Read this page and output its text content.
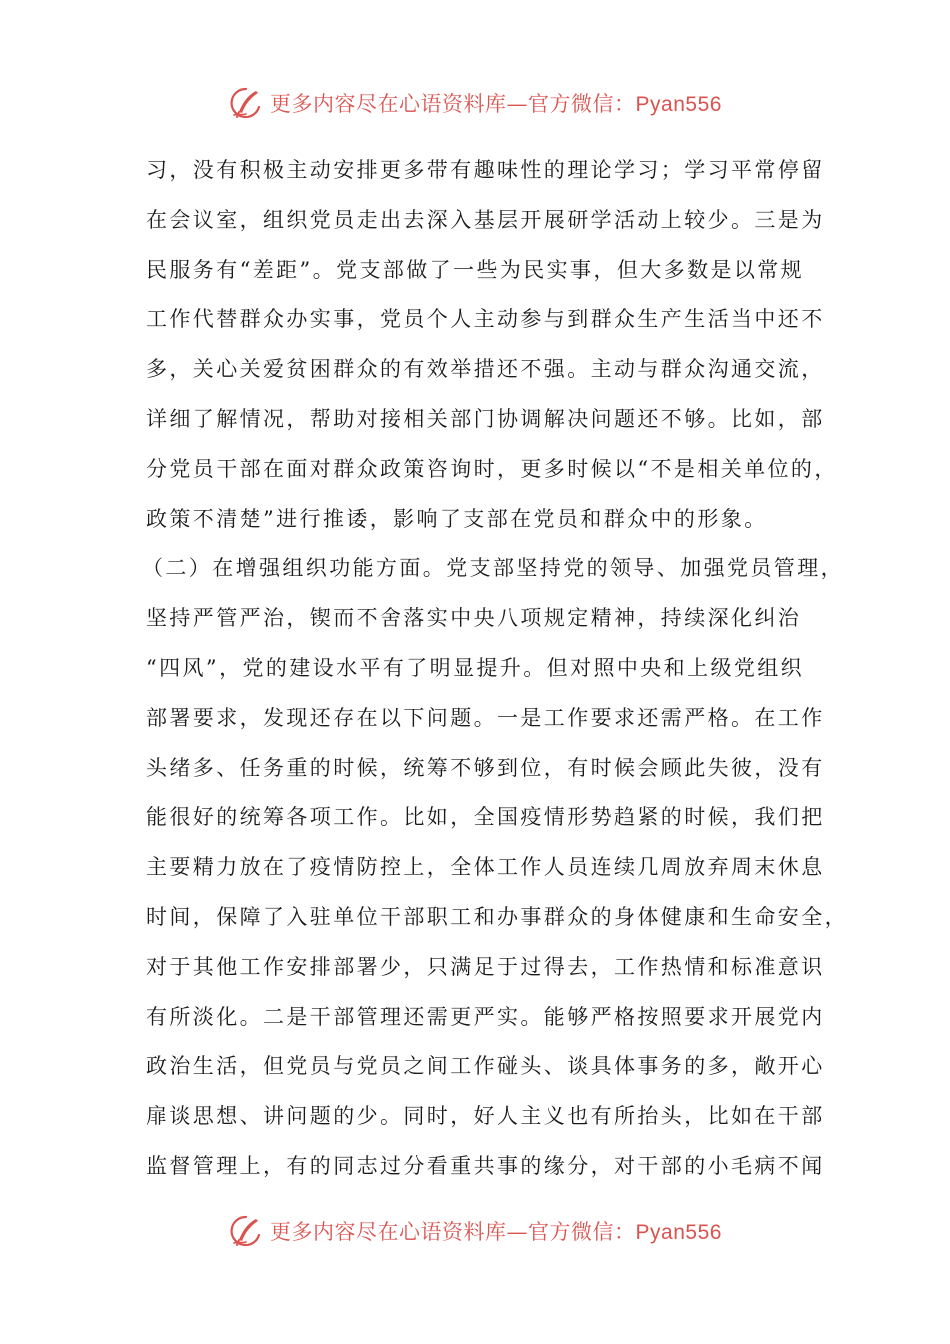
更多内容尽在心语资料库—官方微信：Pyan556
习，没有积极主动安排更多带有趣味性的理论学习；学习平常停留
在会议室，组织党员走出去深入基层开展研学活动上较少。三是为
民服务有“差距”。党支部做了一些为民实事，但大多数是以常规
工作代替群众办实事，党员个人主动参与到群众生产生活当中还不
多，关心关爱贫困群众的有效举措还不强。主动与群众沟通交流，
详细了解情况，帮助对接相关部门协调解决问题还不够。比如，部
分党员干部在面对群众政策咨询时，更多时候以“不是相关单位的，
政策不清楚”进行推诿，影响了支部在党员和群众中的形象。
（二）在增强组织功能方面。党支部坚持党的领导、加强党员管理，
坚持严管严治，锲而不舍落实中央八项规定精神，持续深化纠治
“四风”，党的建设水平有了明显提升。但对照中央和上级党组织
部署要求，发现还存在以下问题。一是工作要求还需严格。在工作
头绪多、任务重的时候，统筹不够到位，有时候会顾此失彼，没有
能很好的统筹各项工作。比如，全国疫情形势趋紧的时候，我们把
主要精力放在了疫情防控上，全体工作人员连续几周放弃周末休息
时间，保障了入驻单位干部职工和办事群众的身体健康和生命安全，
对于其他工作安排部署少，只满足于过得去，工作热情和标准意识
有所淡化。二是干部管理还需更严实。能够严格按照要求开展党内
政治生活，但党员与党员之间工作碰头、谈具体事务的多，敞开心
扉谈思想、讲问题的少。同时，好人主义也有所抬头，比如在干部
监督管理上，有的同志过分看重共事的缘分，对干部的小毛病不闻
更多内容尽在心语资料库—官方微信：Pyan556
